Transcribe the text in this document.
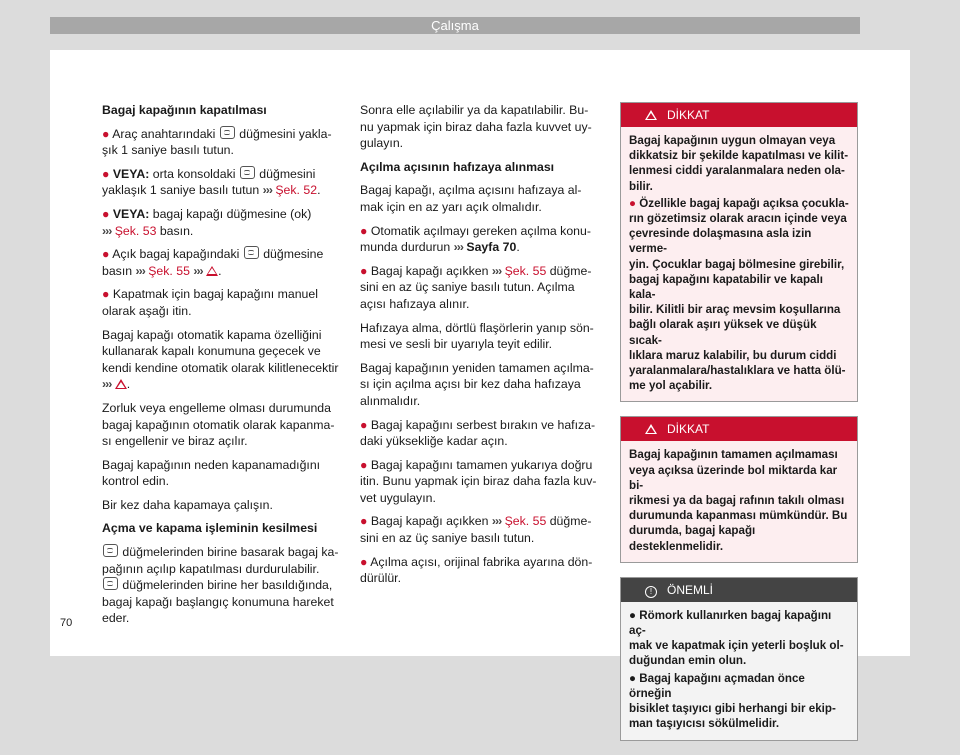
Çalışma

Bagaj kapağının kapatılması

● Araç anahtarındaki düğmesini yakla-
şık 1 saniye basılı tutun.

● VEYA: orta konsoldaki düğmesini
yaklaşık 1 saniye basılı tutun ››› Şek. 52.

● VEYA: bagaj kapağı düğmesine (ok)
››› Şek. 53 basın.

● Açık bagaj kapağındaki düğmesine
basın ››› Şek. 55 ››› .

● Kapatmak için bagaj kapağını manuel
olarak aşağı itin.

Bagaj kapağı otomatik kapama özelliğini
kullanarak kapalı konumuna geçecek ve
kendi kendine otomatik olarak kilitlenecektir
››› .

Zorluk veya engelleme olması durumunda
bagaj kapağının otomatik olarak kapanma-
sı engellenir ve biraz açılır.

Bagaj kapağının neden kapanamadığını
kontrol edin.

Bir kez daha kapamaya çalışın.

Açma ve kapama işleminin kesilmesi

düğmelerinden birine basarak bagaj ka-
pağının açılıp kapatılması durdurulabilir.
düğmelerinden birine her basıldığında,
bagaj kapağı başlangıç konumuna hareket
eder.

Sonra elle açılabilir ya da kapatılabilir. Bu-
nu yapmak için biraz daha fazla kuvvet uy-
gulayın.

Açılma açısının hafızaya alınması

Bagaj kapağı, açılma açısını hafızaya al-
mak için en az yarı açık olmalıdır.

● Otomatik açılmayı gereken açılma konu-
munda durdurun ››› Sayfa 70.

● Bagaj kapağı açıkken ››› Şek. 55 düğme-
sini en az üç saniye basılı tutun. Açılma
açısı hafızaya alınır.

Hafızaya alma, dörtlü flaşörlerin yanıp sön-
mesi ve sesli bir uyarıyla teyit edilir.

Bagaj kapağının yeniden tamamen açılma-
sı için açılma açısı bir kez daha hafızaya
alınmalıdır.

● Bagaj kapağını serbest bırakın ve hafıza-
daki yüksekliğe kadar açın.

● Bagaj kapağını tamamen yukarıya doğru
itin. Bunu yapmak için biraz daha fazla kuv-
vet uygulayın.

● Bagaj kapağı açıkken ››› Şek. 55 düğme-
sini en az üç saniye basılı tutun.

● Açılma açısı, orijinal fabrika ayarına dön-
dürülür.

DİKKAT

Bagaj kapağının uygun olmayan veya
dikkatsiz bir şekilde kapatılması ve kilit-
lenmesi ciddi yaralanmalara neden ola-
bilir.

● Özellikle bagaj kapağı açıksa çocukla-
rın gözetimsiz olarak aracın içinde veya
çevresinde dolaşmasına asla izin verme-
yin. Çocuklar bagaj bölmesine girebilir,
bagaj kapağını kapatabilir ve kapalı kala-
bilir. Kilitli bir araç mevsim koşullarına
bağlı olarak aşırı yüksek ve düşük sıcak-
lıklara maruz kalabilir, bu durum ciddi
yaralanmalara/hastalıklara ve hatta ölü-
me yol açabilir.

DİKKAT

Bagaj kapağının tamamen açılmaması
veya açıksa üzerinde bol miktarda kar bi-
rikmesi ya da bagaj rafının takılı olması
durumunda kapanması mümkündür. Bu
durumda, bagaj kapağı desteklenmelidir.

! ÖNEMLİ

● Römork kullanırken bagaj kapağını aç-
mak ve kapatmak için yeterli boşluk ol-
duğundan emin olun.

● Bagaj kapağını açmadan önce örneğin
bisiklet taşıyıcı gibi herhangi bir ekip-
man taşıyıcısı sökülmelidir.

70
